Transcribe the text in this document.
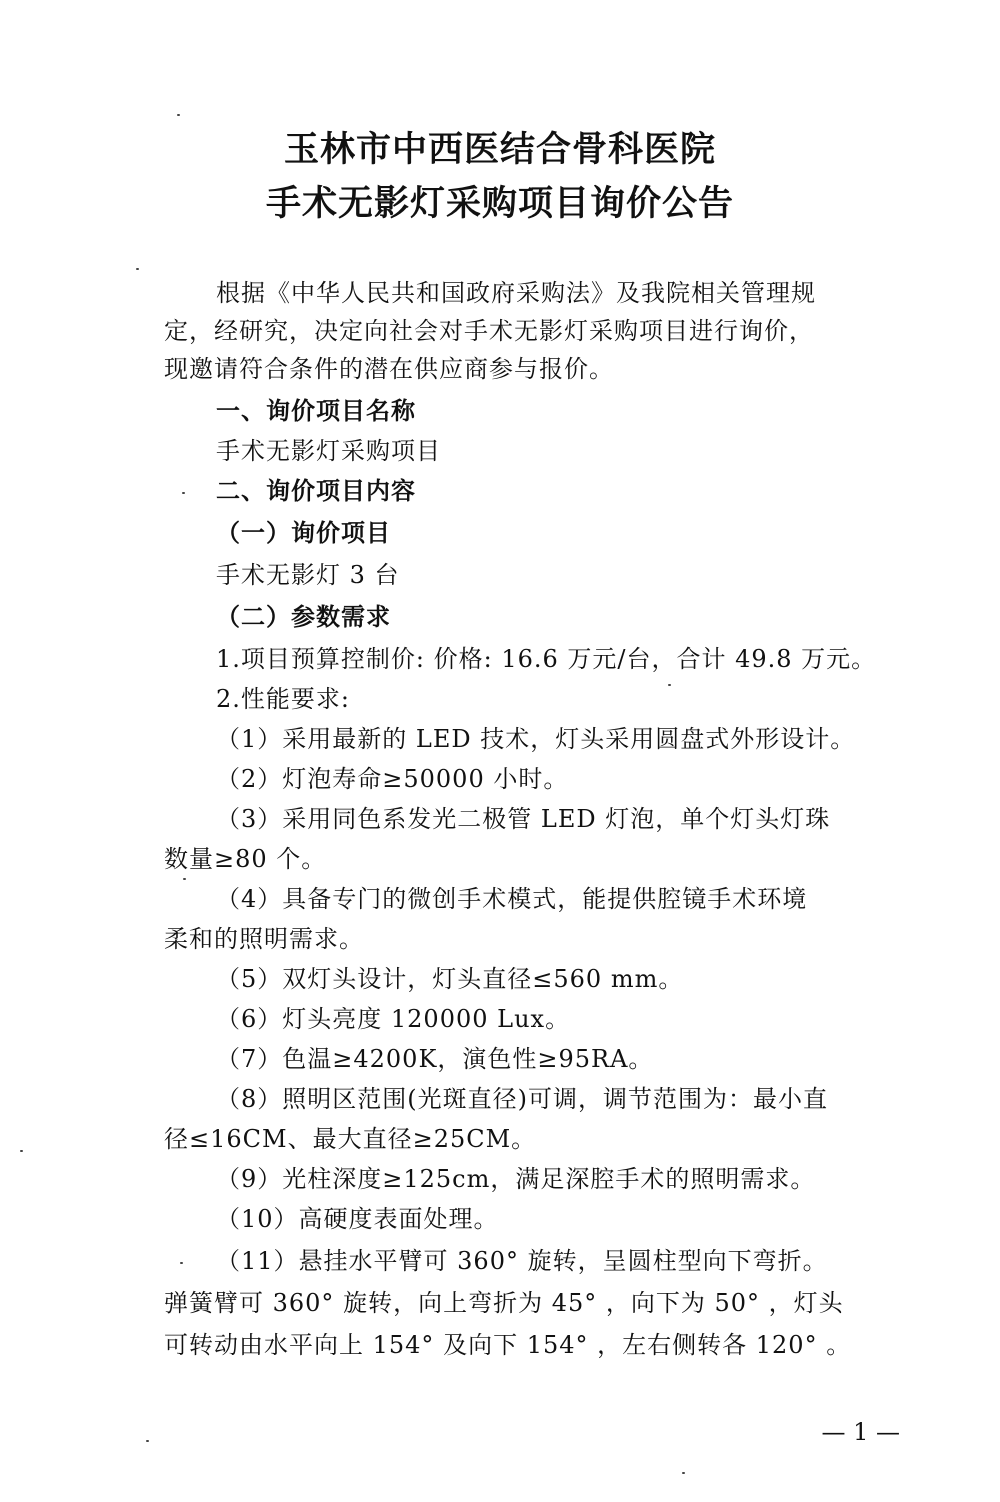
玉林市中西医结合骨科医院
手术无影灯采购项目询价公告
根据《中华人民共和国政府采购法》及我院相关管理规
定，经研究，决定向社会对手术无影灯采购项目进行询价，
现邀请符合条件的潜在供应商参与报价。
一、询价项目名称
手术无影灯采购项目
二、询价项目内容
（一）询价项目
手术无影灯 3 台
（二）参数需求
1.项目预算控制价: 价格: 16.6 万元/台，合计 49.8 万元。
2.性能要求:
（1）采用最新的 LED 技术，灯头采用圆盘式外形设计。
（2）灯泡寿命≥50000 小时。
（3）采用同色系发光二极管 LED 灯泡，单个灯头灯珠
数量≥80 个。
（4）具备专门的微创手术模式，能提供腔镜手术环境
柔和的照明需求。
（5）双灯头设计，灯头直径≤560 mm。
（6）灯头亮度 120000 Lux。
（7）色温≥4200K，演色性≥95RA。
（8）照明区范围(光斑直径)可调，调节范围为：最小直
径≤16CM、最大直径≥25CM。
（9）光柱深度≥125cm，满足深腔手术的照明需求。
（10）高硬度表面处理。
（11）悬挂水平臂可 360° 旋转，呈圆柱型向下弯折。
弹簧臂可 360° 旋转，向上弯折为 45° ，向下为 50° ，灯头
可转动由水平向上 154° 及向下 154° ，左右侧转各 120° 。
— 1 —
